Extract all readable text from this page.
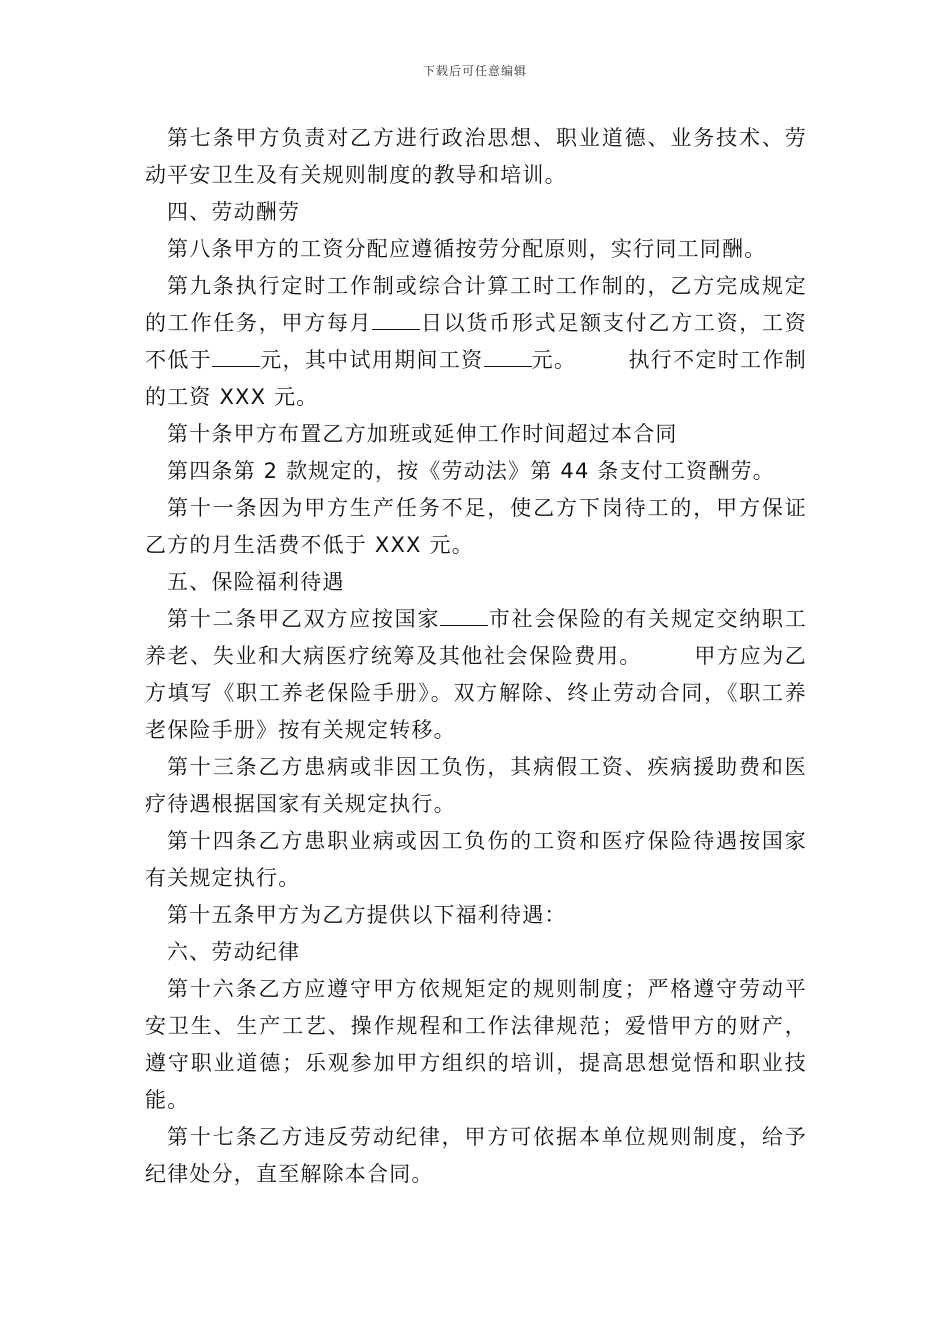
下载后可任意编辑

第七条甲方负责对乙方进行政治思想、职业道德、业务技术、劳动平安卫生及有关规则制度的教导和培训。

四、劳动酬劳

第八条甲方的工资分配应遵循按劳分配原则，实行同工同酬。

第九条执行定时工作制或综合计算工时工作制的，乙方完成规定的工作任务，甲方每月 日以货币形式足额支付乙方工资，工资不低于 元，其中试用期间工资 元。 执行不定时工作制的工资 XXX 元。

第十条甲方布置乙方加班或延伸工作时间超过本合同

第四条第 2 款规定的，按《劳动法》第 44 条支付工资酬劳。

第十一条因为甲方生产任务不足，使乙方下岗待工的，甲方保证乙方的月生活费不低于 XXX 元。

五、保险福利待遇

第十二条甲乙双方应按国家 市社会保险的有关规定交纳职工养老、失业和大病医疗统筹及其他社会保险费用。 甲方应为乙方填写《职工养老保险手册》。双方解除、终止劳动合同，《职工养老保险手册》按有关规定转移。

第十三条乙方患病或非因工负伤，其病假工资、疾病援助费和医疗待遇根据国家有关规定执行。

第十四条乙方患职业病或因工负伤的工资和医疗保险待遇按国家有关规定执行。

第十五条甲方为乙方提供以下福利待遇：

六、劳动纪律

第十六条乙方应遵守甲方依规矩定的规则制度；严格遵守劳动平安卫生、生产工艺、操作规程和工作法律规范；爱惜甲方的财产，遵守职业道德；乐观参加甲方组织的培训，提高思想觉悟和职业技能。

第十七条乙方违反劳动纪律，甲方可依据本单位规则制度，给予纪律处分，直至解除本合同。
